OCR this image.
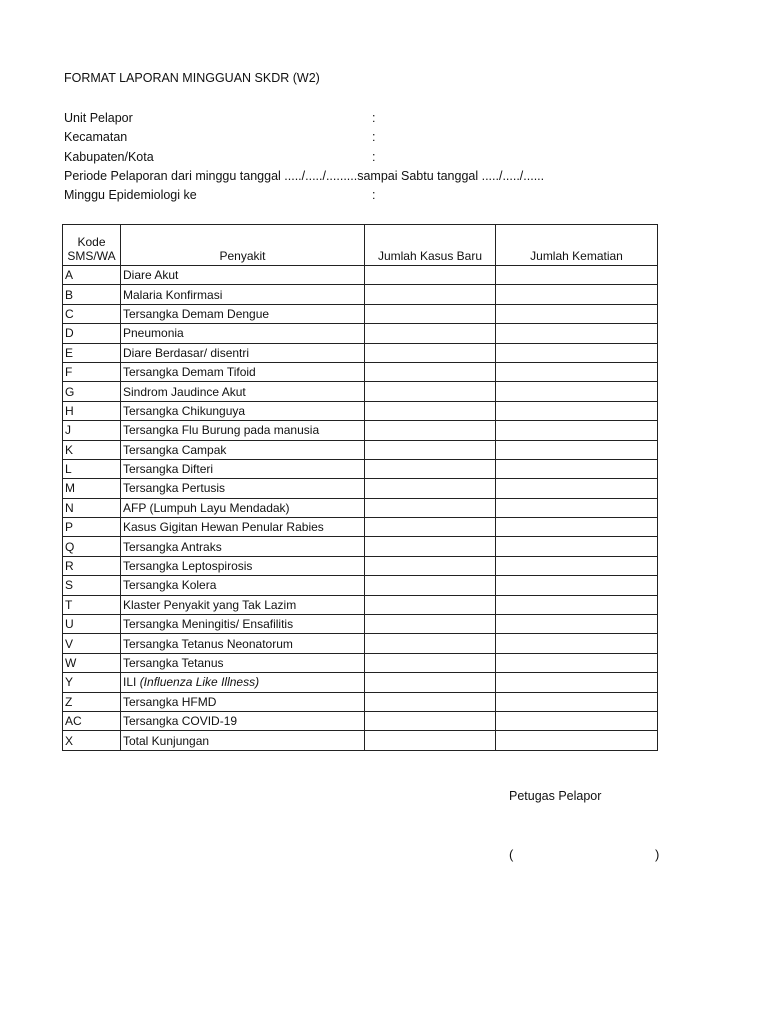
FORMAT LAPORAN MINGGUAN SKDR (W2)
Unit Pelapor	:
Kecamatan	:
Kabupaten/Kota	:
Periode Pelaporan dari minggu tanggal ...../...../.........sampai Sabtu tanggal ...../...../......
Minggu Epidemiologi ke	:
Kode
SMS/WA	Penyakit	Jumlah Kasus Baru	Jumlah Kematian
A	Diare Akut		
B	Malaria Konfirmasi		
C	Tersangka Demam Dengue		
D	Pneumonia		
E	Diare Berdasar/ disentri		
F	Tersangka Demam Tifoid		
G	Sindrom Jaudince Akut		
H	Tersangka Chikunguya		
J	Tersangka Flu Burung pada manusia		
K	Tersangka Campak		
L	Tersangka Difteri		
M	Tersangka Pertusis		
N	AFP (Lumpuh Layu Mendadak)		
P	Kasus Gigitan Hewan Penular Rabies		
Q	Tersangka Antraks		
R	Tersangka Leptospirosis		
S	Tersangka Kolera		
T	Klaster Penyakit yang Tak Lazim		
U	Tersangka Meningitis/ Ensafilitis		
V	Tersangka Tetanus Neonatorum		
W	Tersangka Tetanus		
Y	ILI (Influenza Like Illness)		
Z	Tersangka HFMD		
AC	Tersangka COVID-19		
X	Total Kunjungan		
Petugas Pelapor
(	)
